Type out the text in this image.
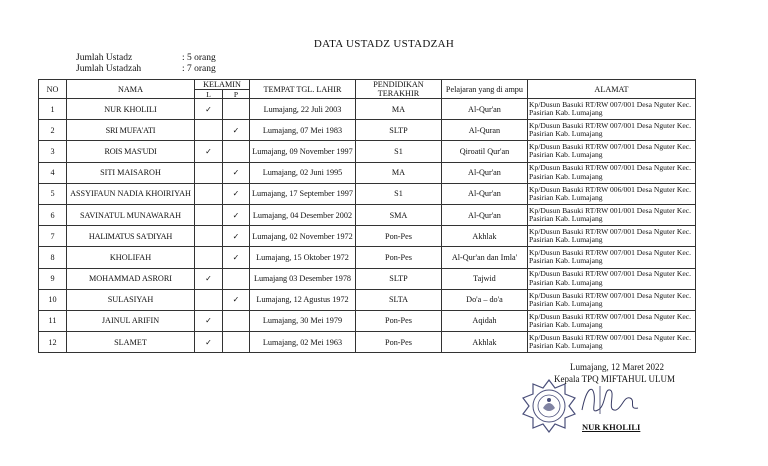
DATA USTADZ USTADZAH
Jumlah Ustadz	: 5 orang
Jumlah Ustadzah	: 7 orang
NO	NAMA	KELAMIN		TEMPAT TGL. LAHIR	PENDIDIKAN TERAKHIR	Pelajaran yang di ampu	ALAMAT
		L	P				
1	NUR KHOLILI	✓		Lumajang, 22 Juli 2003	MA	Al-Qur'an	Kp/Dusun Basuki RT/RW 007/001 Desa Nguter Kec. Pasirian Kab. Lumajang
2	SRI MUFA'ATI		✓	Lumajang, 07 Mei 1983	SLTP	Al-Quran	Kp/Dusun Basuki RT/RW 007/001 Desa Nguter Kec. Pasirian Kab. Lumajang
3	ROIS MAS'UDI	✓		Lumajang, 09 November 1997	S1	Qiroatil Qur'an	Kp/Dusun Basuki RT/RW 007/001 Desa Nguter Kec. Pasirian Kab. Lumajang
4	SITI MAISAROH		✓	Lumajang, 02 Juni 1995	MA	Al-Qur'an	Kp/Dusun Basuki RT/RW 007/001 Desa Nguter Kec. Pasirian Kab. Lumajang
5	ASSYIFAUN NADIA KHOIRIYAH		✓	Lumajang, 17 September 1997	S1	Al-Qur'an	Kp/Dusun Basuki RT/RW 006/001 Desa Nguter Kec. Pasirian Kab. Lumajang
6	SAVINATUL MUNAWARAH		✓	Lumajang, 04 Desember 2002	SMA	Al-Qur'an	Kp/Dusun Basuki RT/RW 001/001 Desa Nguter Kec. Pasirian Kab. Lumajang
7	HALIMATUS SA'DIYAH		✓	Lumajang, 02 November 1972	Pon-Pes	Akhlak	Kp/Dusun Basuki RT/RW 007/001 Desa Nguter Kec. Pasirian Kab. Lumajang
8	KHOLIFAH		✓	Lumajang, 15 Oktober 1972	Pon-Pes	Al-Qur'an dan Imla'	Kp/Dusun Basuki RT/RW 007/001 Desa Nguter Kec. Pasirian Kab. Lumajang
9	MOHAMMAD ASRORI	✓		Lumajang 03 Desember 1978	SLTP	Tajwid	Kp/Dusun Basuki RT/RW 007/001 Desa Nguter Kec. Pasirian Kab. Lumajang
10	SULASIYAH		✓	Lumajang, 12 Agustus 1972	SLTA	Do'a – do'a	Kp/Dusun Basuki RT/RW 007/001 Desa Nguter Kec. Pasirian Kab. Lumajang
11	JAINUL ARIFIN	✓		Lumajang, 30 Mei 1979	Pon-Pes	Aqidah	Kp/Dusun Basuki RT/RW 007/001 Desa Nguter Kec. Pasirian Kab. Lumajang
12	SLAMET	✓		Lumajang, 02 Mei 1963	Pon-Pes	Akhlak	Kp/Dusun Basuki RT/RW 007/001 Desa Nguter Kec. Pasirian Kab. Lumajang
Lumajang, 12 Maret 2022
Kepala TPQ MIFTAHUL ULUM
NUR KHOLILI
